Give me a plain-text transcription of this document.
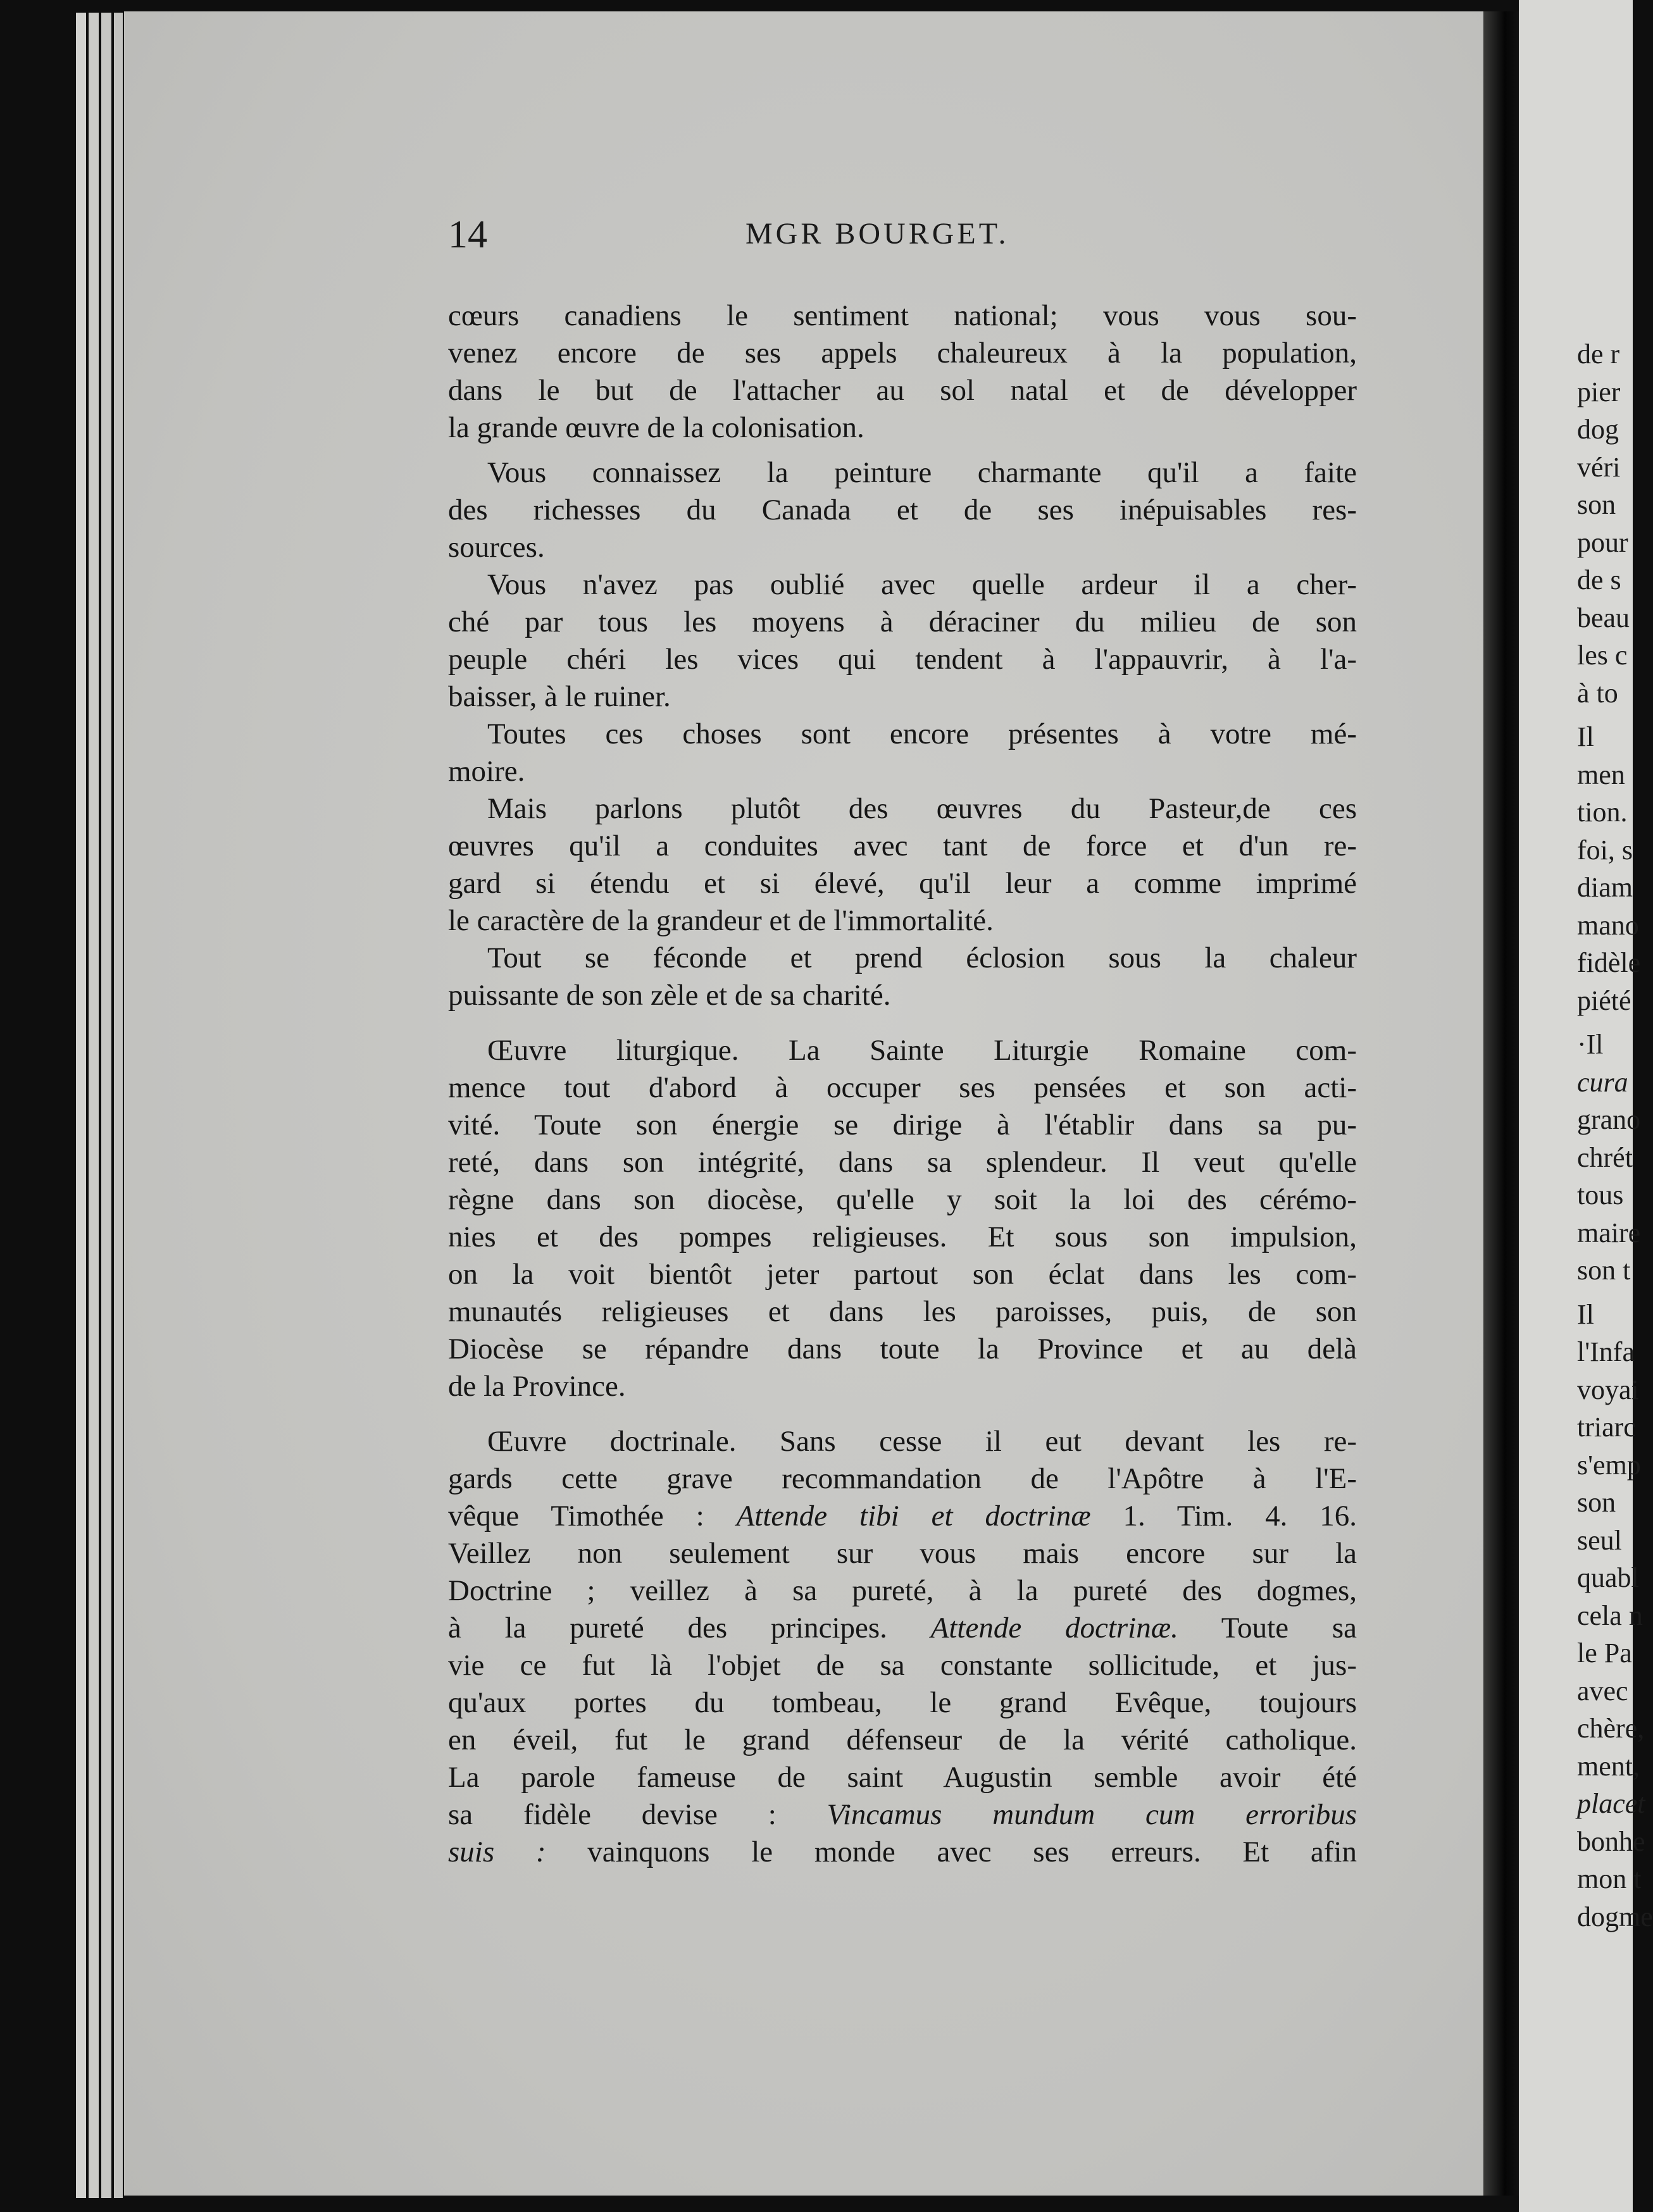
de r
pier
dog
véri
son
pour
de s
beau
les c
à to
Il
men
tion.
foi, s
diam
mano
fidèle
piété
·Il
cura
grano
chrét
tous
maire
son t
Il
l'Infa
voyai
triarc
s'emp
son
seul
quabl
cela n
le Pa
avec
chère,
ment,
placet
bonhe
mon t
dogme
14	MGR BOURGET.
cœurs canadiens le sentiment national; vous vous sou-
venez encore de ses appels chaleureux à la population,
dans le but de l'attacher au sol natal et de développer
la grande œuvre de la colonisation.
Vous connaissez la peinture charmante qu'il a faite
des richesses du Canada et de ses inépuisables res-
sources.
Vous n'avez pas oublié avec quelle ardeur il a cher-
ché par tous les moyens à déraciner du milieu de son
peuple chéri les vices qui tendent à l'appauvrir, à l'a-
baisser, à le ruiner.
Toutes ces choses sont encore présentes à votre mé-
moire.
Mais parlons plutôt des œuvres du Pasteur,de ces
œuvres qu'il a conduites avec tant de force et d'un re-
gard si étendu et si élevé, qu'il leur a comme imprimé
le caractère de la grandeur et de l'immortalité.
Tout se féconde et prend éclosion sous la chaleur
puissante de son zèle et de sa charité.
Œuvre liturgique. La Sainte Liturgie Romaine com-
mence tout d'abord à occuper ses pensées et son acti-
vité. Toute son énergie se dirige à l'établir dans sa pu-
reté, dans son intégrité, dans sa splendeur. Il veut qu'elle
règne dans son diocèse, qu'elle y soit la loi des cérémo-
nies et des pompes religieuses. Et sous son impulsion,
on la voit bientôt jeter partout son éclat dans les com-
munautés religieuses et dans les paroisses, puis, de son
Diocèse se répandre dans toute la Province et au delà
de la Province.
Œuvre doctrinale. Sans cesse il eut devant les re-
gards cette grave recommandation de l'Apôtre à l'E-
vêque Timothée : Attende tibi et doctrinæ 1. Tim. 4. 16.
Veillez non seulement sur vous mais encore sur la
Doctrine ; veillez à sa pureté, à la pureté des dogmes,
à la pureté des principes. Attende doctrinæ. Toute sa
vie ce fut là l'objet de sa constante sollicitude, et jus-
qu'aux portes du tombeau, le grand Evêque, toujours
en éveil, fut le grand défenseur de la vérité catholique.
La parole fameuse de saint Augustin semble avoir été
sa fidèle devise : Vincamus mundum cum erroribus
suis : vainquons le monde avec ses erreurs. Et afin
